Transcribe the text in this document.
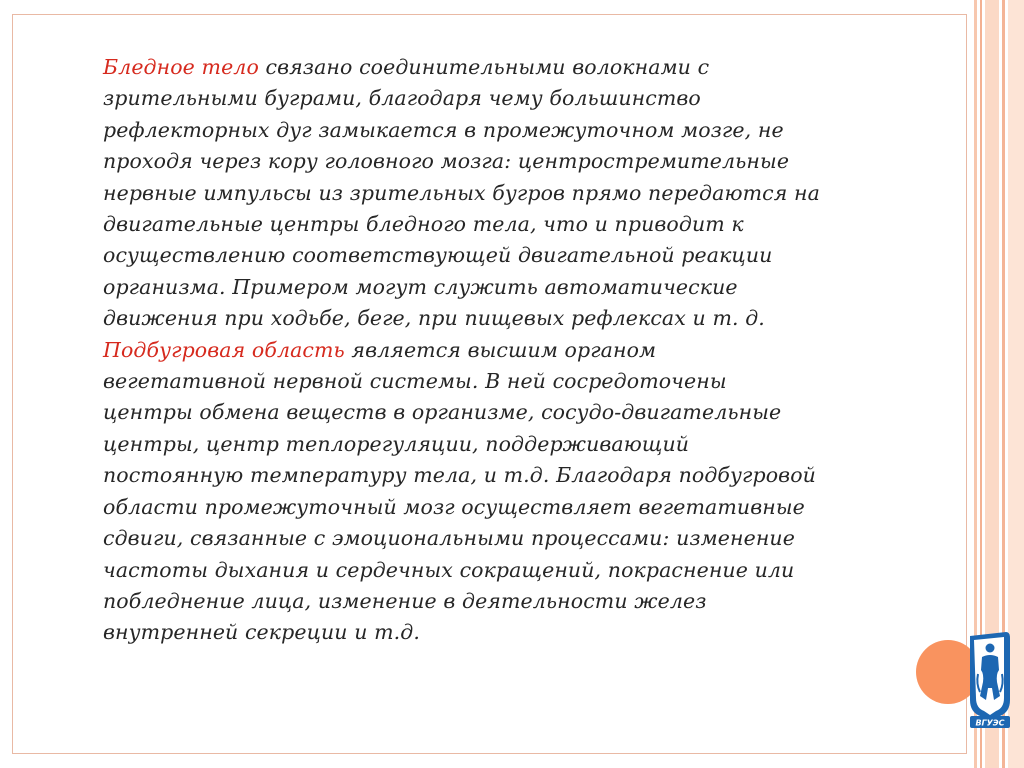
Бледное тело связано соединительными волокнами с зрительными буграми, благодаря чему большинство рефлекторных дуг замыкается в промежуточном мозге, не проходя через кору головного мозга: центростремительные нервные импульсы из зрительных бугров прямо передаются на двигательные центры бледного тела, что и приводит к осуществлению соответствующей двигательной реакции организма. Примером могут служить автоматические движения при ходьбе, беге, при пищевых рефлексах и т. д.
Подбугровая область является высшим органом вегетативной нервной системы. В ней сосредоточены центры обмена веществ в организме, сосудо-двигательные центры, центр теплорегуляции, поддерживающий постоянную температуру тела, и т.д. Благодаря подбугровой области промежуточный мозг осуществляет вегетативные сдвиги, связанные с эмоциональными процессами: изменение частоты дыхания и сердечных сокращений, покраснение или побледнение лица, изменение в деятельности желез внутренней секреции и т.д.
ВГУЭС
